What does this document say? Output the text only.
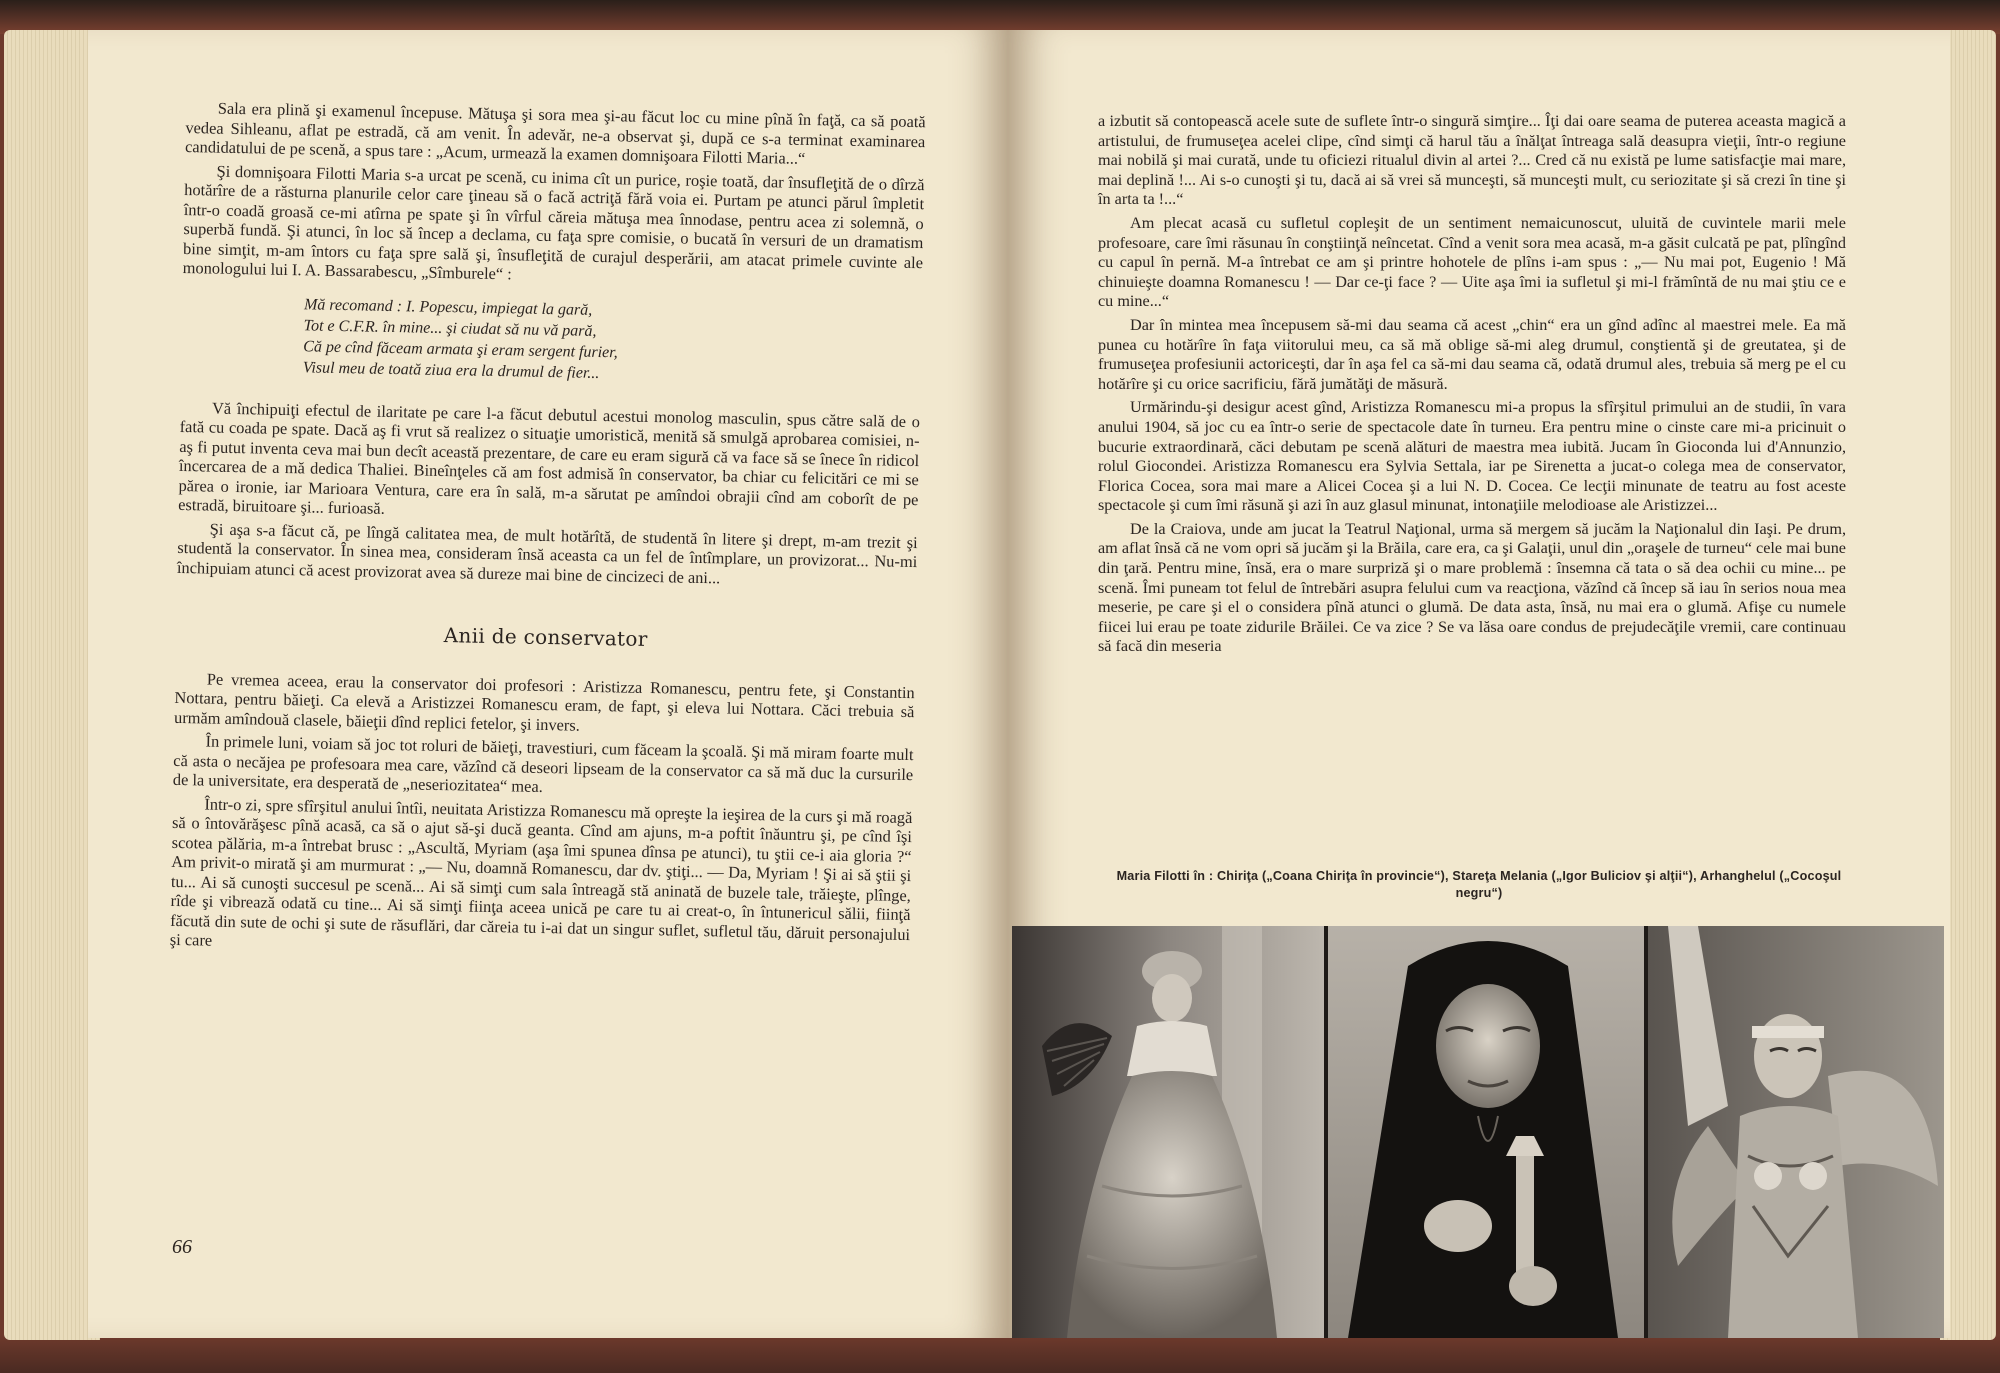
Sala era plină şi examenul începuse. Mătuşa şi sora mea şi-au făcut loc cu mine pînă în faţă, ca să poată vedea Sihleanu, aflat pe estradă, că am venit. În adevăr, ne-a observat şi, după ce s-a terminat examinarea candidatului de pe scenă, a spus tare : „Acum, urmează la examen domnişoara Filotti Maria...“

Şi domnişoara Filotti Maria s-a urcat pe scenă, cu inima cît un purice, roşie toată, dar însufleţită de o dîrză hotărîre de a răsturna planurile celor care ţineau să o facă actriţă fără voia ei. Purtam pe atunci părul împletit într-o coadă groasă ce-mi atîrna pe spate şi în vîrful căreia mătuşa mea înnodase, pentru acea zi solemnă, o superbă fundă. Şi atunci, în loc să încep a declama, cu faţa spre comisie, o bucată în versuri de un dramatism bine simţit, m-am întors cu faţa spre sală şi, însufleţită de curajul desperării, am atacat primele cuvinte ale monologului lui I. A. Bassarabescu, „Sîmburele“ :

Mă recomand : I. Popescu, impiegat la gară,
Tot e C.F.R. în mine... şi ciudat să nu vă pară,
Că pe cînd făceam armata şi eram sergent furier,
Visul meu de toată ziua era la drumul de fier...

Vă închipuiţi efectul de ilaritate pe care l-a făcut debutul acestui monolog masculin, spus către sală de o fată cu coada pe spate. Dacă aş fi vrut să realizez o situaţie umoristică, menită să smulgă aprobarea comisiei, n-aş fi putut inventa ceva mai bun decît această prezentare, de care eu eram sigură că va face să se înece în ridicol încercarea de a mă dedica Thaliei. Bineînţeles că am fost admisă în conservator, ba chiar cu felicitări ce mi se părea o ironie, iar Marioara Ventura, care era în sală, m-a sărutat pe amîndoi obrajii cînd am coborît de pe estradă, biruitoare şi... furioasă.

Şi aşa s-a făcut că, pe lîngă calitatea mea, de mult hotărîtă, de studentă în litere şi drept, m-am trezit şi studentă la conservator. În sinea mea, consideram însă aceasta ca un fel de întîmplare, un provizorat... Nu-mi închipuiam atunci că acest provizorat avea să dureze mai bine de cincizeci de ani...

Anii de conservator

Pe vremea aceea, erau la conservator doi profesori : Aristizza Romanescu, pentru fete, şi Constantin Nottara, pentru băieţi. Ca elevă a Aristizzei Romanescu eram, de fapt, şi eleva lui Nottara. Căci trebuia să urmăm amîndouă clasele, băieţii dînd replici fetelor, şi invers.

În primele luni, voiam să joc tot roluri de băieţi, travestiuri, cum făceam la şcoală. Şi mă miram foarte mult că asta o necăjea pe profesoara mea care, văzînd că deseori lipseam de la conservator ca să mă duc la cursurile de la universitate, era desperată de „neseriozitatea“ mea.

Într-o zi, spre sfîrşitul anului întîi, neuitata Aristizza Romanescu mă opreşte la ieşirea de la curs şi mă roagă să o întovărăşesc pînă acasă, ca să o ajut să-şi ducă geanta. Cînd am ajuns, m-a poftit înăuntru şi, pe cînd îşi scotea pălăria, m-a întrebat brusc : „Ascultă, Myriam (aşa îmi spunea dînsa pe atunci), tu ştii ce-i aia gloria ?“ Am privit-o mirată şi am murmurat : „— Nu, doamnă Romanescu, dar dv. ştiţi... — Da, Myriam ! Şi ai să ştii şi tu... Ai să cunoşti succesul pe scenă... Ai să simţi cum sala întreagă stă aninată de buzele tale, trăieşte, plînge, rîde şi vibrează odată cu tine... Ai să simţi fiinţa aceea unică pe care tu ai creat-o, în întunericul sălii, fiinţă făcută din sute de ochi şi sute de răsuflări, dar căreia tu i-ai dat un singur suflet, sufletul tău, dăruit personajului şi care

66

a izbutit să contopească acele sute de suflete într-o singură simţire... Îţi dai oare seama de puterea aceasta magică a artistului, de frumuseţea acelei clipe, cînd simţi că harul tău a înălţat întreaga sală deasupra vieţii, într-o regiune mai nobilă şi mai curată, unde tu oficiezi ritualul divin al artei ?... Cred că nu există pe lume satisfacţie mai mare, mai deplină !... Ai s-o cunoşti şi tu, dacă ai să vrei să munceşti, să munceşti mult, cu seriozitate şi să crezi în tine şi în arta ta !...“

Am plecat acasă cu sufletul copleşit de un sentiment nemaicunoscut, uluită de cuvintele marii mele profesoare, care îmi răsunau în conştiinţă neîncetat. Cînd a venit sora mea acasă, m-a găsit culcată pe pat, plîngînd cu capul în pernă. M-a întrebat ce am şi printre hohotele de plîns i-am spus : „— Nu mai pot, Eugenio ! Mă chinuieşte doamna Romanescu ! — Dar ce-ţi face ? — Uite aşa îmi ia sufletul şi mi-l frămîntă de nu mai ştiu ce e cu mine...“

Dar în mintea mea începusem să-mi dau seama că acest „chin“ era un gînd adînc al maestrei mele. Ea mă punea cu hotărîre în faţa viitorului meu, ca să mă oblige să-mi aleg drumul, conştientă şi de greutatea, şi de frumuseţea profesiunii actoriceşti, dar în aşa fel ca să-mi dau seama că, odată drumul ales, trebuia să merg pe el cu hotărîre şi cu orice sacrificiu, fără jumătăţi de măsură.

Urmărindu-şi desigur acest gînd, Aristizza Romanescu mi-a propus la sfîrşitul primului an de studii, în vara anului 1904, să joc cu ea într-o serie de spectacole date în turneu. Era pentru mine o cinste care mi-a pricinuit o bucurie extraordinară, căci debutam pe scenă alături de maestra mea iubită. Jucam în Gioconda lui d'Annunzio, rolul Giocondei. Aristizza Romanescu era Sylvia Settala, iar pe Sirenetta a jucat-o colega mea de conservator, Florica Cocea, sora mai mare a Alicei Cocea şi a lui N. D. Cocea. Ce lecţii minunate de teatru au fost aceste spectacole şi cum îmi răsună şi azi în auz glasul minunat, intonaţiile melodioase ale Aristizzei...

De la Craiova, unde am jucat la Teatrul Naţional, urma să mergem să jucăm la Naţionalul din Iaşi. Pe drum, am aflat însă că ne vom opri să jucăm şi la Brăila, care era, ca şi Galaţii, unul din „oraşele de turneu“ cele mai bune din ţară. Pentru mine, însă, era o mare surpriză şi o mare problemă : însemna că tata o să dea ochii cu mine... pe scenă. Îmi puneam tot felul de întrebări asupra felului cum va reacţiona, văzînd că încep să iau în serios noua mea meserie, pe care şi el o considera pînă atunci o glumă. De data asta, însă, nu mai era o glumă. Afişe cu numele fiicei lui erau pe toate zidurile Brăilei. Ce va zice ? Se va lăsa oare condus de prejudecăţile vremii, care continuau să facă din meseria

Maria Filotti în : Chiriţa („Coana Chiriţa în provincie“), Stareţa Melania („Igor Buliciov şi alţii“), Arhanghelul („Cocoşul negru“)
